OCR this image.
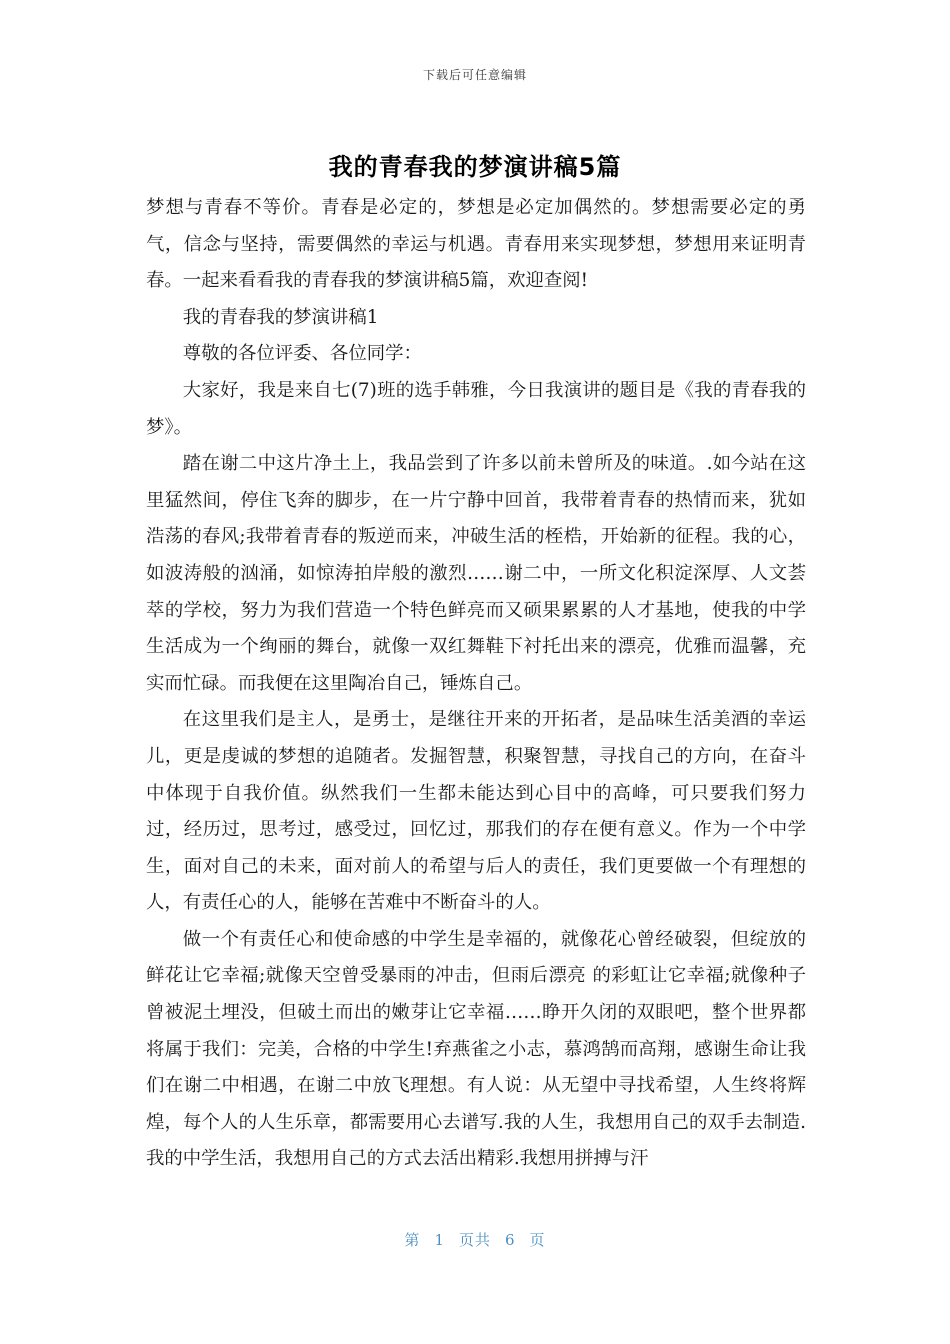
下载后可任意编辑
我的青春我的梦演讲稿5篇

梦想与青春不等价。青春是必定的，梦想是必定加偶然的。梦想需要必定的勇气，信念与坚持，需要偶然的幸运与机遇。青春用来实现梦想，梦想用来证明青春。一起来看看我的青春我的梦演讲稿5篇，欢迎查阅!

我的青春我的梦演讲稿1

尊敬的各位评委、各位同学：

大家好，我是来自七(7)班的选手韩雅，今日我演讲的题目是《我的青春我的梦》。

踏在谢二中这片净土上，我品尝到了许多以前未曾所及的味道。.如今站在这里猛然间，停住飞奔的脚步，在一片宁静中回首，我带着青春的热情而来，犹如浩荡的春风;我带着青春的叛逆而来，冲破生活的桎梏，开始新的征程。我的心，如波涛般的汹涌，如惊涛拍岸般的激烈……谢二中，一所文化积淀深厚、人文荟萃的学校，努力为我们营造一个特色鲜亮而又硕果累累的人才基地，使我的中学生活成为一个绚丽的舞台，就像一双红舞鞋下衬托出来的漂亮，优雅而温馨，充实而忙碌。而我便在这里陶冶自己，锤炼自己。

在这里我们是主人，是勇士，是继往开来的开拓者，是品味生活美酒的幸运儿，更是虔诚的梦想的追随者。发掘智慧，积聚智慧，寻找自己的方向，在奋斗中体现于自我价值。纵然我们一生都未能达到心目中的高峰，可只要我们努力过，经历过，思考过，感受过，回忆过，那我们的存在便有意义。作为一个中学生，面对自己的未来，面对前人的希望与后人的责任，我们更要做一个有理想的人，有责任心的人，能够在苦难中不断奋斗的人。

做一个有责任心和使命感的中学生是幸福的，就像花心曾经破裂，但绽放的鲜花让它幸福;就像天空曾受暴雨的冲击，但雨后漂亮 的彩虹让它幸福;就像种子曾被泥土埋没，但破土而出的嫩芽让它幸福……睁开久闭的双眼吧，整个世界都将属于我们：完美，合格的中学生!弃燕雀之小志，慕鸿鹄而高翔，感谢生命让我们在谢二中相遇，在谢二中放飞理想。有人说：从无望中寻找希望，人生终将辉煌，每个人的人生乐章，都需要用心去谱写.我的人生，我想用自己的双手去制造.我的中学生活，我想用自己的方式去活出精彩.我想用拼搏与汗

第 1 页共 6 页
